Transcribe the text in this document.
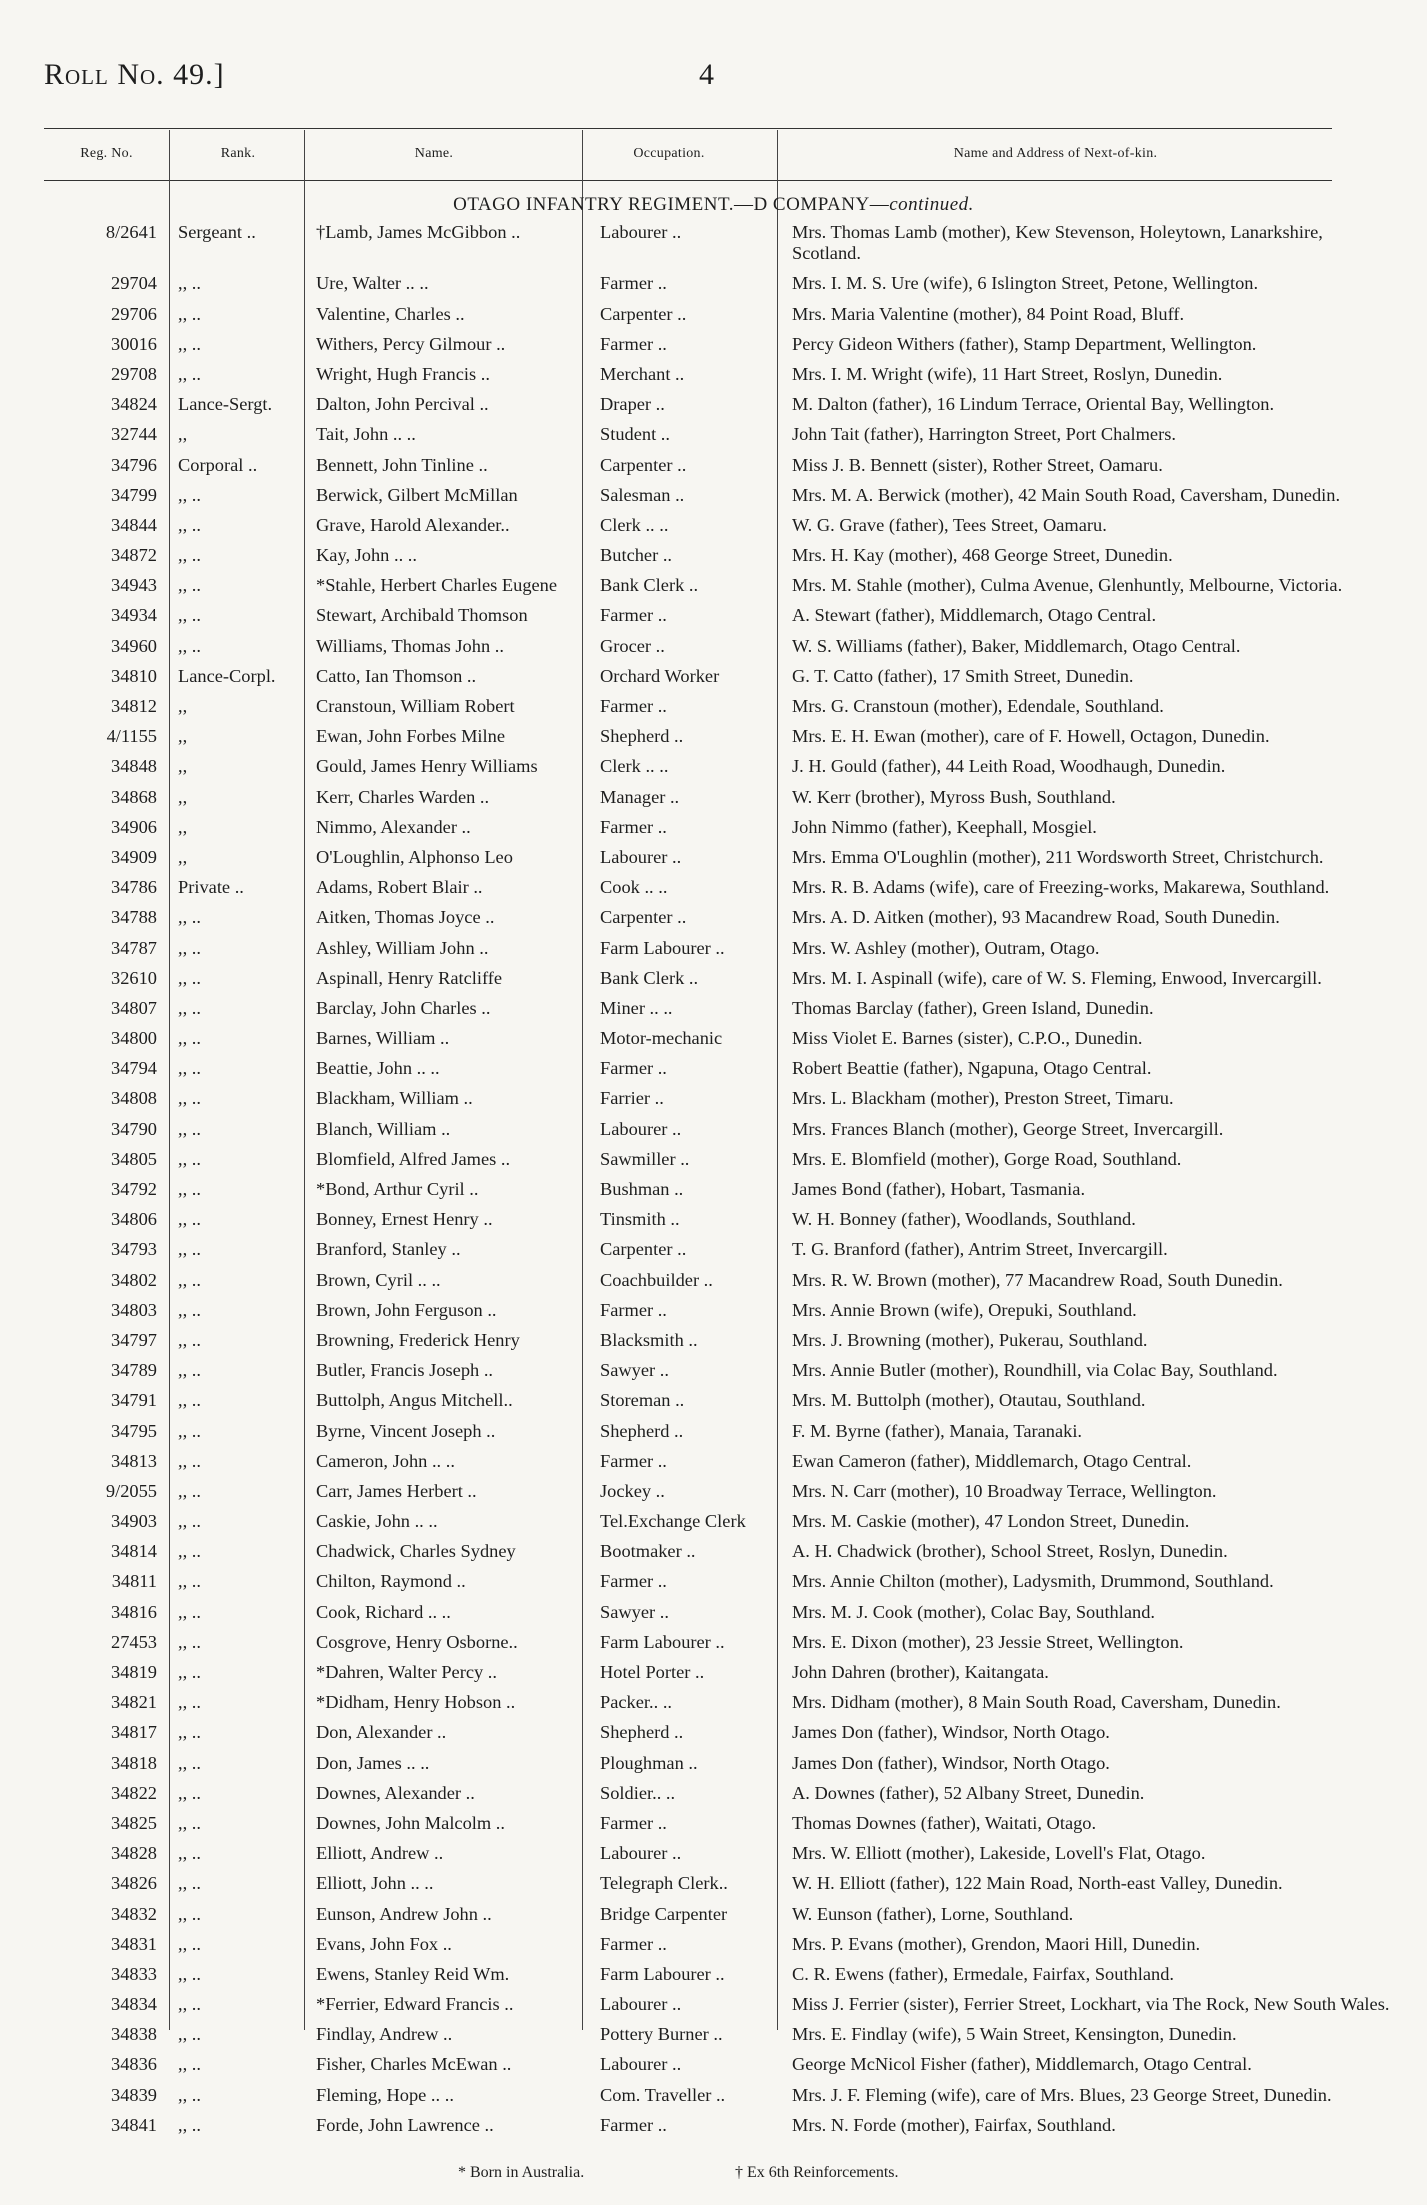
Roll No. 49.]	4
Reg. No.	Rank.	Name.	Occupation.	Name and Address of Next-of-kin.
OTAGO INFANTRY REGIMENT.—D COMPANY—continued.
8/2641 Sergeant ..	†Lamb, James McGibbon ..	Labourer ..	Mrs. Thomas Lamb (mother), Kew Stevenson, Holeytown, Lanarkshire, Scotland.
29704 ,, ..	Ure, Walter .. ..	Farmer ..	Mrs. I. M. S. Ure (wife), 6 Islington Street, Petone, Wellington.
29706 ,, ..	Valentine, Charles ..	Carpenter ..	Mrs. Maria Valentine (mother), 84 Point Road, Bluff.
30016 ,, ..	Withers, Percy Gilmour ..	Farmer ..	Percy Gideon Withers (father), Stamp Department, Wellington.
29708 ,, ..	Wright, Hugh Francis ..	Merchant ..	Mrs. I. M. Wright (wife), 11 Hart Street, Roslyn, Dunedin.
34824 Lance-Sergt.	Dalton, John Percival ..	Draper ..	M. Dalton (father), 16 Lindum Terrace, Oriental Bay, Wellington.
32744 ,,	Tait, John .. ..	Student ..	John Tait (father), Harrington Street, Port Chalmers.
34796 Corporal ..	Bennett, John Tinline ..	Carpenter ..	Miss J. B. Bennett (sister), Rother Street, Oamaru.
34799 ,, ..	Berwick, Gilbert McMillan	Salesman ..	Mrs. M. A. Berwick (mother), 42 Main South Road, Caversham, Dunedin.
34844 ,, ..	Grave, Harold Alexander..	Clerk .. ..	W. G. Grave (father), Tees Street, Oamaru.
34872 ,, ..	Kay, John .. ..	Butcher ..	Mrs. H. Kay (mother), 468 George Street, Dunedin.
34943 ,, ..	*Stahle, Herbert Charles Eugene	Bank Clerk ..	Mrs. M. Stahle (mother), Culma Avenue, Glenhuntly, Melbourne, Victoria.
34934 ,, ..	Stewart, Archibald Thomson	Farmer ..	A. Stewart (father), Middlemarch, Otago Central.
34960 ,, ..	Williams, Thomas John ..	Grocer ..	W. S. Williams (father), Baker, Middlemarch, Otago Central.
34810 Lance-Corpl.	Catto, Ian Thomson ..	Orchard Worker	G. T. Catto (father), 17 Smith Street, Dunedin.
34812 ,,	Cranstoun, William Robert	Farmer ..	Mrs. G. Cranstoun (mother), Edendale, Southland.
4/1155 ,,	Ewan, John Forbes Milne	Shepherd ..	Mrs. E. H. Ewan (mother), care of F. Howell, Octagon, Dunedin.
34848 ,,	Gould, James Henry Williams	Clerk .. ..	J. H. Gould (father), 44 Leith Road, Woodhaugh, Dunedin.
34868 ,,	Kerr, Charles Warden ..	Manager ..	W. Kerr (brother), Myross Bush, Southland.
34906 ,,	Nimmo, Alexander ..	Farmer ..	John Nimmo (father), Keephall, Mosgiel.
34909 ,,	O'Loughlin, Alphonso Leo	Labourer ..	Mrs. Emma O'Loughlin (mother), 211 Wordsworth Street, Christchurch.
34786 Private ..	Adams, Robert Blair ..	Cook .. ..	Mrs. R. B. Adams (wife), care of Freezing-works, Makarewa, Southland.
34788 ,, ..	Aitken, Thomas Joyce ..	Carpenter ..	Mrs. A. D. Aitken (mother), 93 Macandrew Road, South Dunedin.
34787 ,, ..	Ashley, William John ..	Farm Labourer ..	Mrs. W. Ashley (mother), Outram, Otago.
32610 ,, ..	Aspinall, Henry Ratcliffe	Bank Clerk ..	Mrs. M. I. Aspinall (wife), care of W. S. Fleming, Enwood, Invercargill.
34807 ,, ..	Barclay, John Charles ..	Miner .. ..	Thomas Barclay (father), Green Island, Dunedin.
34800 ,, ..	Barnes, William ..	Motor-mechanic	Miss Violet E. Barnes (sister), C.P.O., Dunedin.
34794 ,, ..	Beattie, John .. ..	Farmer ..	Robert Beattie (father), Ngapuna, Otago Central.
34808 ,, ..	Blackham, William ..	Farrier ..	Mrs. L. Blackham (mother), Preston Street, Timaru.
34790 ,, ..	Blanch, William ..	Labourer ..	Mrs. Frances Blanch (mother), George Street, Invercargill.
34805 ,, ..	Blomfield, Alfred James ..	Sawmiller ..	Mrs. E. Blomfield (mother), Gorge Road, Southland.
34792 ,, ..	*Bond, Arthur Cyril ..	Bushman ..	James Bond (father), Hobart, Tasmania.
34806 ,, ..	Bonney, Ernest Henry ..	Tinsmith ..	W. H. Bonney (father), Woodlands, Southland.
34793 ,, ..	Branford, Stanley ..	Carpenter ..	T. G. Branford (father), Antrim Street, Invercargill.
34802 ,, ..	Brown, Cyril .. ..	Coachbuilder ..	Mrs. R. W. Brown (mother), 77 Macandrew Road, South Dunedin.
34803 ,, ..	Brown, John Ferguson ..	Farmer ..	Mrs. Annie Brown (wife), Orepuki, Southland.
34797 ,, ..	Browning, Frederick Henry	Blacksmith ..	Mrs. J. Browning (mother), Pukerau, Southland.
34789 ,, ..	Butler, Francis Joseph ..	Sawyer ..	Mrs. Annie Butler (mother), Roundhill, via Colac Bay, Southland.
34791 ,, ..	Buttolph, Angus Mitchell..	Storeman ..	Mrs. M. Buttolph (mother), Otautau, Southland.
34795 ,, ..	Byrne, Vincent Joseph ..	Shepherd ..	F. M. Byrne (father), Manaia, Taranaki.
34813 ,, ..	Cameron, John .. ..	Farmer ..	Ewan Cameron (father), Middlemarch, Otago Central.
9/2055 ,, ..	Carr, James Herbert ..	Jockey ..	Mrs. N. Carr (mother), 10 Broadway Terrace, Wellington.
34903 ,, ..	Caskie, John .. ..	Tel.Exchange Clerk	Mrs. M. Caskie (mother), 47 London Street, Dunedin.
34814 ,, ..	Chadwick, Charles Sydney	Bootmaker ..	A. H. Chadwick (brother), School Street, Roslyn, Dunedin.
34811 ,, ..	Chilton, Raymond ..	Farmer ..	Mrs. Annie Chilton (mother), Ladysmith, Drummond, Southland.
34816 ,, ..	Cook, Richard .. ..	Sawyer ..	Mrs. M. J. Cook (mother), Colac Bay, Southland.
27453 ,, ..	Cosgrove, Henry Osborne..	Farm Labourer ..	Mrs. E. Dixon (mother), 23 Jessie Street, Wellington.
34819 ,, ..	*Dahren, Walter Percy ..	Hotel Porter ..	John Dahren (brother), Kaitangata.
34821 ,, ..	*Didham, Henry Hobson ..	Packer.. ..	Mrs. Didham (mother), 8 Main South Road, Caversham, Dunedin.
34817 ,, ..	Don, Alexander ..	Shepherd ..	James Don (father), Windsor, North Otago.
34818 ,, ..	Don, James .. ..	Ploughman ..	James Don (father), Windsor, North Otago.
34822 ,, ..	Downes, Alexander ..	Soldier.. ..	A. Downes (father), 52 Albany Street, Dunedin.
34825 ,, ..	Downes, John Malcolm ..	Farmer ..	Thomas Downes (father), Waitati, Otago.
34828 ,, ..	Elliott, Andrew ..	Labourer ..	Mrs. W. Elliott (mother), Lakeside, Lovell's Flat, Otago.
34826 ,, ..	Elliott, John .. ..	Telegraph Clerk..	W. H. Elliott (father), 122 Main Road, North-east Valley, Dunedin.
34832 ,, ..	Eunson, Andrew John ..	Bridge Carpenter	W. Eunson (father), Lorne, Southland.
34831 ,, ..	Evans, John Fox ..	Farmer ..	Mrs. P. Evans (mother), Grendon, Maori Hill, Dunedin.
34833 ,, ..	Ewens, Stanley Reid Wm.	Farm Labourer ..	C. R. Ewens (father), Ermedale, Fairfax, Southland.
34834 ,, ..	*Ferrier, Edward Francis ..	Labourer ..	Miss J. Ferrier (sister), Ferrier Street, Lockhart, via The Rock, New South Wales.
34838 ,, ..	Findlay, Andrew ..	Pottery Burner ..	Mrs. E. Findlay (wife), 5 Wain Street, Kensington, Dunedin.
34836 ,, ..	Fisher, Charles McEwan ..	Labourer ..	George McNicol Fisher (father), Middlemarch, Otago Central.
34839 ,, ..	Fleming, Hope .. ..	Com. Traveller ..	Mrs. J. F. Fleming (wife), care of Mrs. Blues, 23 George Street, Dunedin.
34841 ,, ..	Forde, John Lawrence ..	Farmer ..	Mrs. N. Forde (mother), Fairfax, Southland.
* Born in Australia.	† Ex 6th Reinforcements.
